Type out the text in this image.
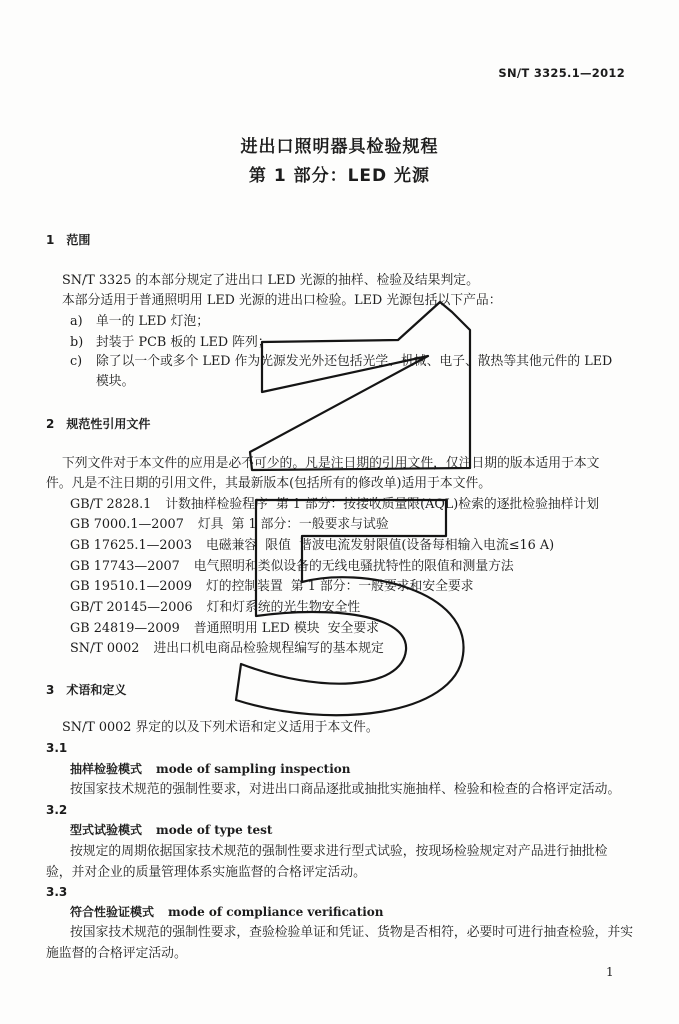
SN/T 3325.1—2012
进出口照明器具检验规程
第 1 部分：LED 光源
1 范围
SN/T 3325 的本部分规定了进出口 LED 光源的抽样、检验及结果判定。
本部分适用于普通照明用 LED 光源的进出口检验。LED 光源包括以下产品：
a) 单一的 LED 灯泡；
b) 封装于 PCB 板的 LED 阵列；
c) 除了以一个或多个 LED 作为光源发光外还包括光学、机械、电子、散热等其他元件的 LED
模块。
2 规范性引用文件
下列文件对于本文件的应用是必不可少的。凡是注日期的引用文件，仅注日期的版本适用于本文
件。凡是不注日期的引用文件，其最新版本(包括所有的修改单)适用于本文件。
GB/T 2828.1 计数抽样检验程序  第 1 部分：按接收质量限(AQL)检索的逐批检验抽样计划
GB 7000.1—2007 灯具  第 1 部分：一般要求与试验
GB 17625.1—2003 电磁兼容  限值  谐波电流发射限值(设备每相输入电流≤16 A)
GB 17743—2007 电气照明和类似设备的无线电骚扰特性的限值和测量方法
GB 19510.1—2009 灯的控制装置  第 1 部分：一般要求和安全要求
GB/T 20145—2006 灯和灯系统的光生物安全性
GB 24819—2009 普通照明用 LED 模块  安全要求
SN/T 0002 进出口机电商品检验规程编写的基本规定
3 术语和定义
SN/T 0002 界定的以及下列术语和定义适用于本文件。
3.1
抽样检验模式 mode of sampling inspection
按国家技术规范的强制性要求，对进出口商品逐批或抽批实施抽样、检验和检查的合格评定活动。
3.2
型式试验模式 mode of type test
按规定的周期依据国家技术规范的强制性要求进行型式试验，按现场检验规定对产品进行抽批检
验，并对企业的质量管理体系实施监督的合格评定活动。
3.3
符合性验证模式 mode of compliance verification
按国家技术规范的强制性要求，查验检验单证和凭证、货物是否相符，必要时可进行抽查检验，并实
施监督的合格评定活动。
1
